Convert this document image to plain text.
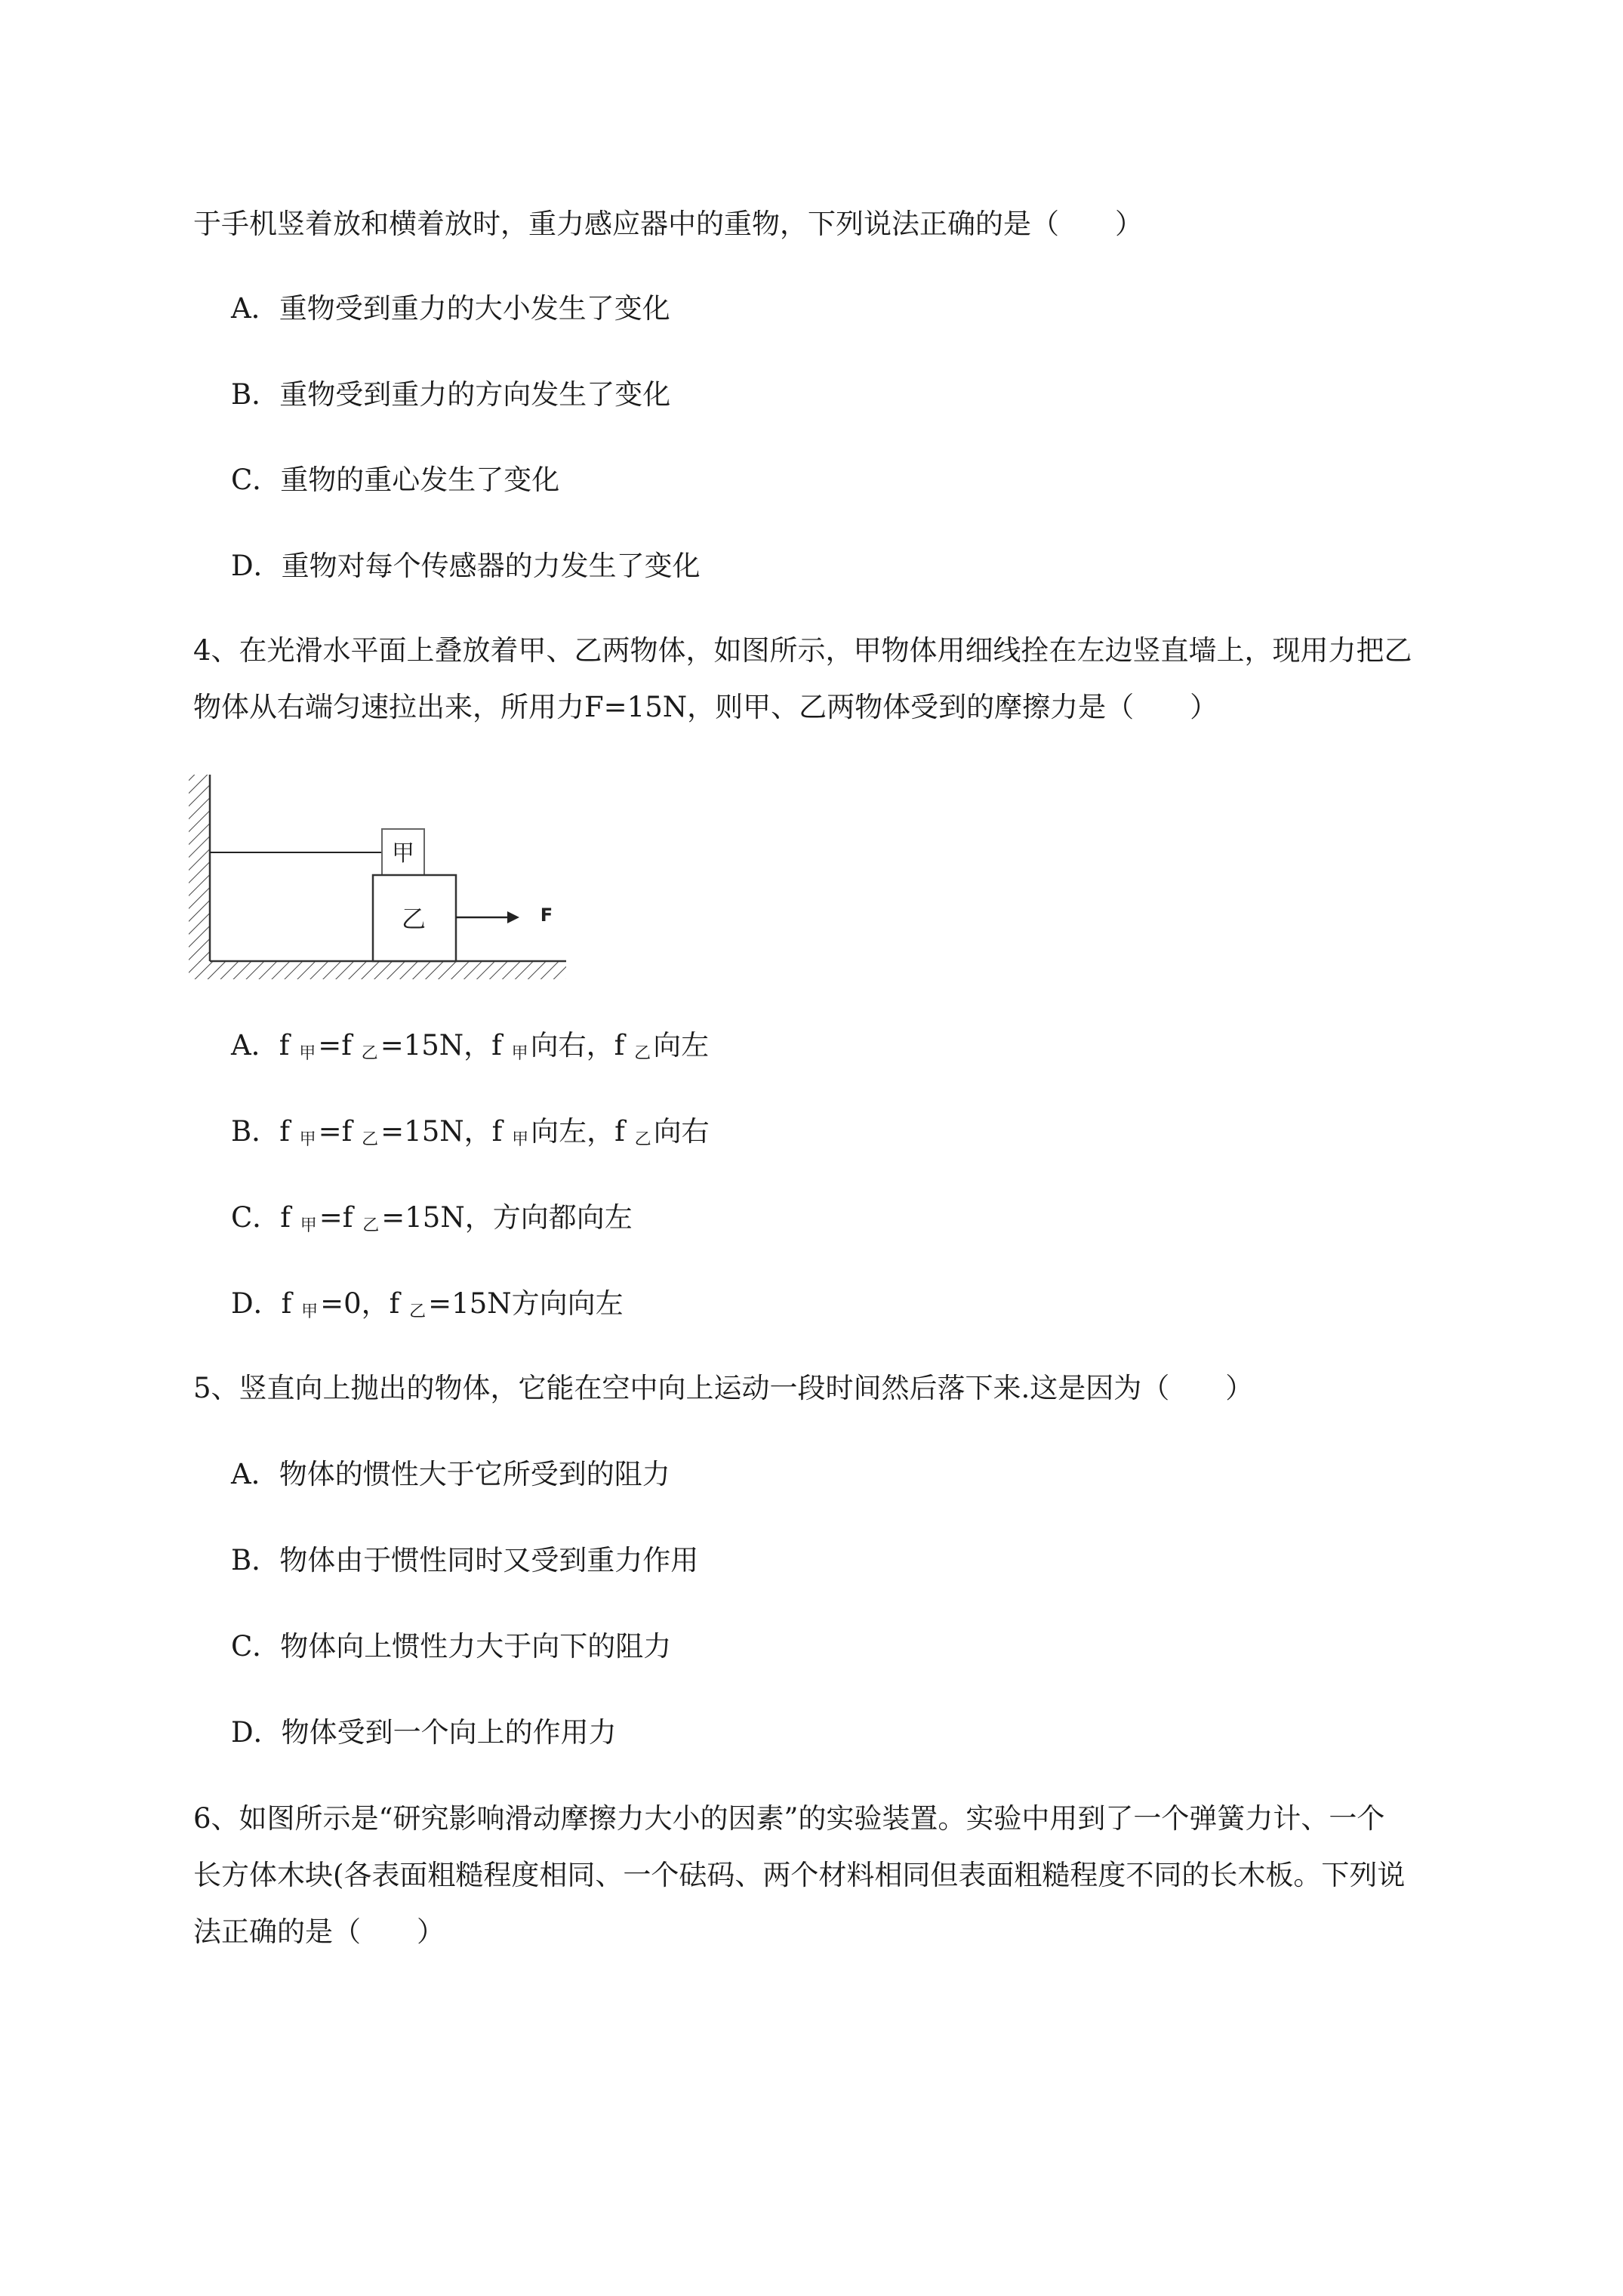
于手机竖着放和横着放时，重力感应器中的重物，下列说法正确的是（　　）
A．重物受到重力的大小发生了变化
B．重物受到重力的方向发生了变化
C．重物的重心发生了变化
D．重物对每个传感器的力发生了变化
4、在光滑水平面上叠放着甲、乙两物体，如图所示，甲物体用细线拴在左边竖直墙上，现用力把乙
物体从右端匀速拉出来，所用力F=15N，则甲、乙两物体受到的摩擦力是（　　）
甲
乙	F
A．f $_甲$=f $_乙$=15N，f $_甲$向右，f $_乙$向左
B．f $_甲$=f $_乙$=15N，f $_甲$向左，f $_乙$向右
C．f $_甲$=f $_乙$=15N，方向都向左
D．f $_甲$=0，f $_乙$=15N方向向左
5、竖直向上抛出的物体，它能在空中向上运动一段时间然后落下来.这是因为（　　）
A．物体的惯性大于它所受到的阻力
B．物体由于惯性同时又受到重力作用
C．物体向上惯性力大于向下的阻力
D．物体受到一个向上的作用力
6、如图所示是“研究影响滑动摩擦力大小的因素”的实验装置。实验中用到了一个弹簧力计、一个
长方体木块(各表面粗糙程度相同、一个砝码、两个材料相同但表面粗糙程度不同的长木板。下列说
法正确的是（　　）
